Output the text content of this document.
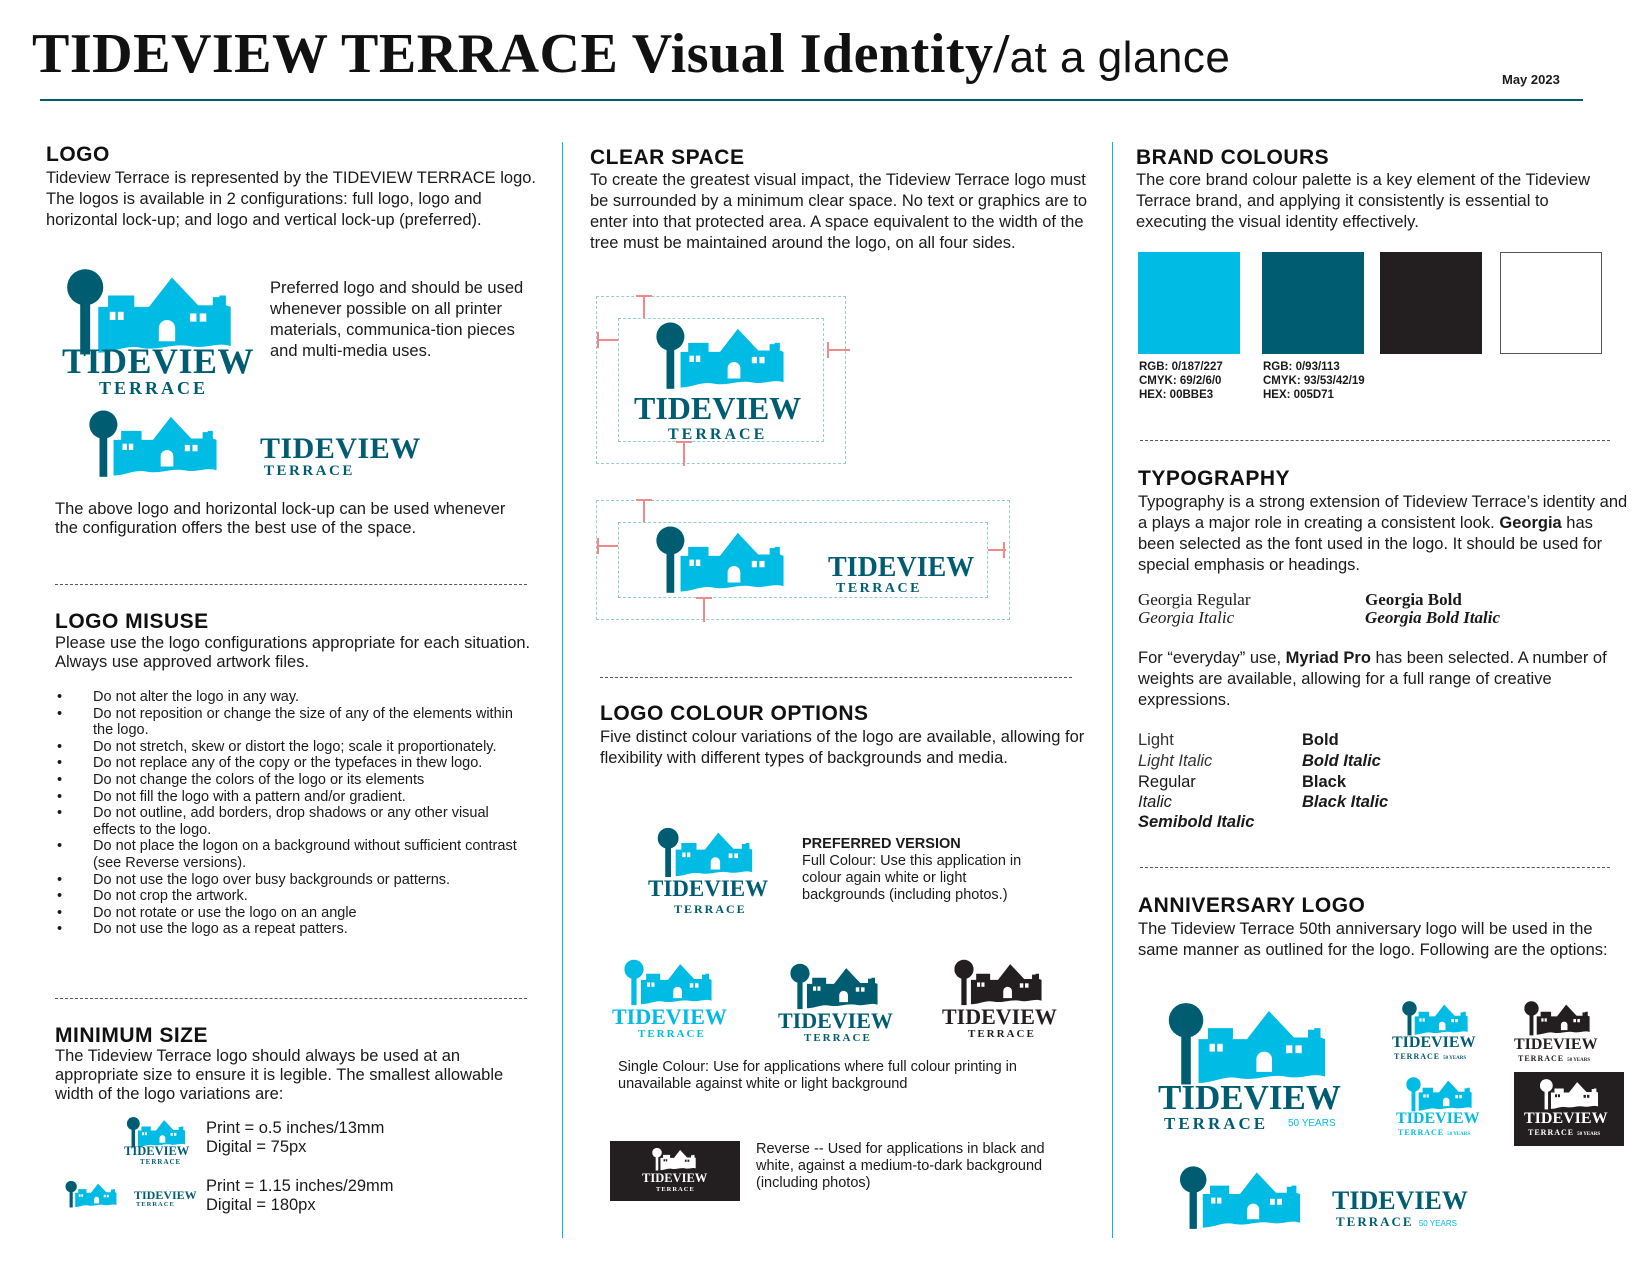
TIDEVIEW TERRACE Visual Identity/at a glance	May 2023
LOGO
Tideview Terrace is represented by the TIDEVIEW TERRACE logo. The logos is available in 2 configurations: full logo, logo and horizontal lock-up; and logo and vertical lock-up (preferred).
TIDEVIEW
TERRACE
Preferred logo and should be used whenever possible on all printer materials, communica-tion pieces and multi-media uses.
TIDEVIEW
TERRACE
The above logo and horizontal lock-up can be used whenever the configuration offers the best use of the space.
LOGO MISUSE
Please use the logo configurations appropriate for each situation. Always use approved artwork files.
• Do not alter the logo in any way.
• Do not reposition or change the size of any of the elements within the logo.
• Do not stretch, skew or distort the logo; scale it proportionately.
• Do not replace any of the copy or the typefaces in thew logo.
• Do not change the colors of the logo or its elements
• Do not fill the logo with a pattern and/or gradient.
• Do not outline, add borders, drop shadows or any other visual effects to the logo.
• Do not place the logon on a background without sufficient contrast (see Reverse versions).
• Do not use the logo over busy backgrounds or patterns.
• Do not crop the artwork.
• Do not rotate or use the logo on an angle
• Do not use the logo as a repeat patters.
MINIMUM SIZE
The Tideview Terrace logo should always be used at an appropriate size to ensure it is legible. The smallest allowable width of the logo variations are:
TIDEVIEW
TERRACE
Print = o.5 inches/13mm
Digital = 75px
TIDEVIEW
TERRACE
Print = 1.15 inches/29mm
Digital = 180px
CLEAR SPACE
To create the greatest visual impact, the Tideview Terrace logo must be surrounded by a minimum clear space. No text or graphics are to enter into that protected area. A space equivalent to the width of the tree must be maintained around the logo, on all four sides.
TIDEVIEW
TERRACE
TIDEVIEW
TERRACE
LOGO COLOUR OPTIONS
Five distinct colour variations of the logo are available, allowing for flexibility with different types of backgrounds and media.
TIDEVIEW
TERRACE
PREFERRED VERSION
Full Colour: Use this application in colour again white or light backgrounds (including photos.)
TIDEVIEW
TERRACE
TIDEVIEW
TERRACE
TIDEVIEW
TERRACE
Single Colour: Use for applications where full colour printing in unavailable against white or light background
TIDEVIEW
TERRACE
Reverse -- Used for applications in black and white, against a medium-to-dark background (including photos)
BRAND COLOURS
The core brand colour palette is a key element of the Tideview Terrace brand, and applying it consistently is essential to executing the visual identity effectively.
RGB: 0/187/227
CMYK: 69/2/6/0
HEX: 00BBE3
RGB: 0/93/113
CMYK: 93/53/42/19
HEX: 005D71
TYPOGRAPHY
Typography is a strong extension of Tideview Terrace’s identity and a plays a major role in creating a consistent look. Georgia has been selected as the font used in the logo. It should be used for special emphasis or headings.
Georgia Regular
Georgia Italic
Georgia Bold
Georgia Bold Italic
For “everyday” use, Myriad Pro has been selected. A number of weights are available, allowing for a full range of creative expressions.
Light
Light Italic
Regular
Italic
Semibold Italic
Bold
Bold Italic
Black
Black Italic
ANNIVERSARY LOGO
The Tideview Terrace 50th anniversary logo will be used in the same manner as outlined for the logo. Following are the options:
TIDEVIEW
TERRACE 50 YEARS
TIDEVIEW
TERRACE 50 YEARS
TIDEVIEW
TERRACE 50 YEARS
TIDEVIEW
TERRACE 50 YEARS
TIDEVIEW
TERRACE 50 YEARS
TIDEVIEW
TERRACE 50 YEARS
